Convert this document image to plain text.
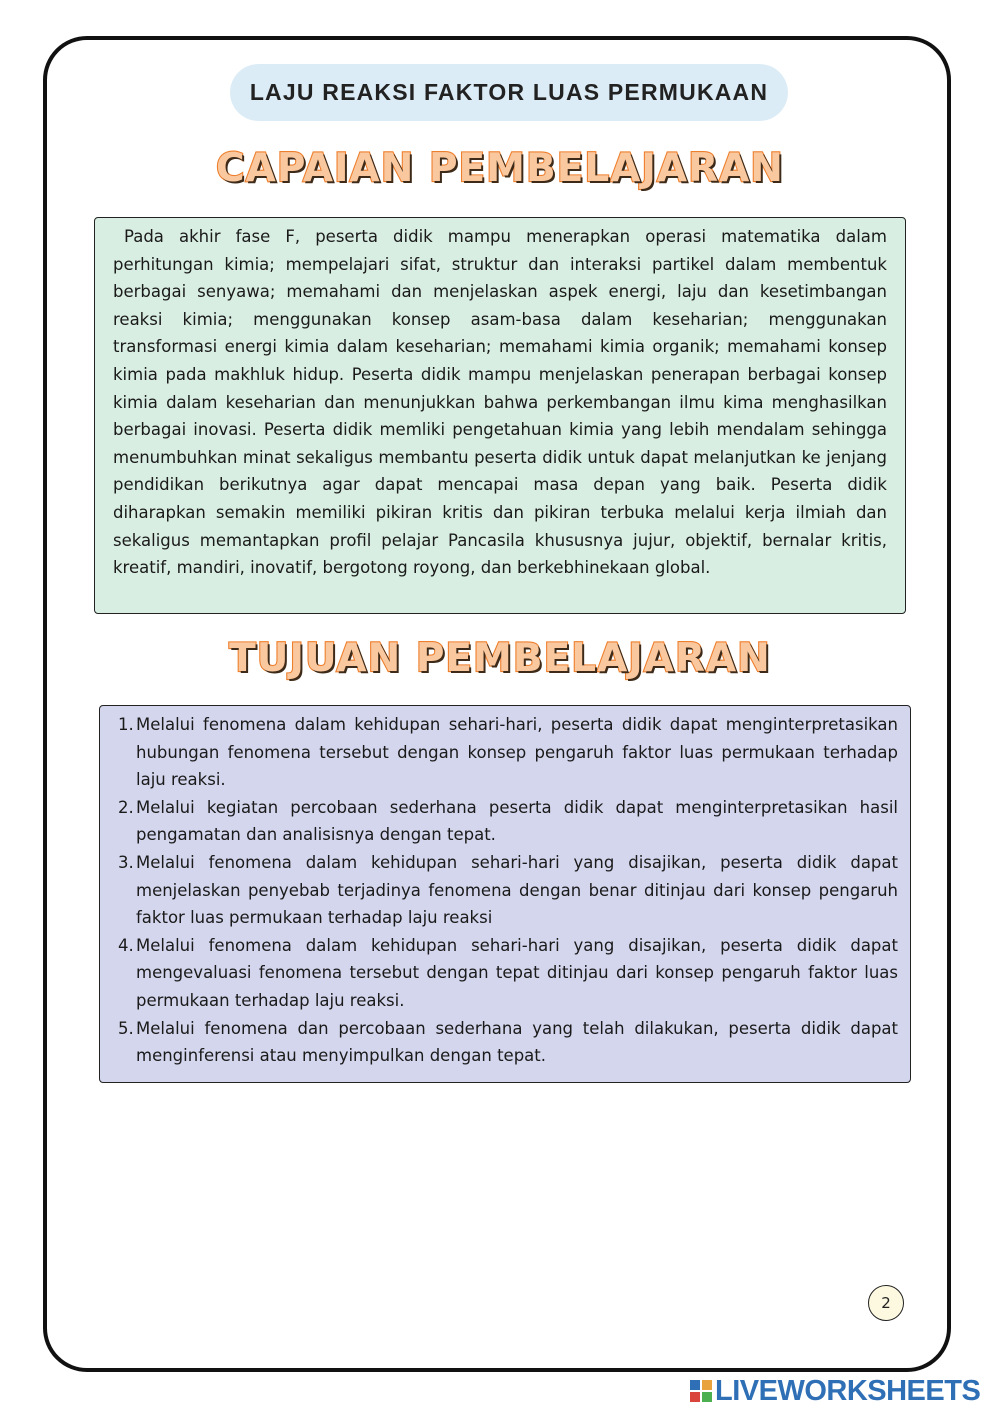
LAJU REAKSI FAKTOR LUAS PERMUKAAN
CAPAIAN PEMBELAJARAN

Pada akhir fase F, peserta didik mampu menerapkan operasi matematika dalam perhitungan kimia; mempelajari sifat, struktur dan interaksi partikel dalam membentuk berbagai senyawa; memahami dan menjelaskan aspek energi, laju dan kesetimbangan reaksi kimia; menggunakan konsep asam-basa dalam keseharian; menggunakan transformasi energi kimia dalam keseharian; memahami kimia organik; memahami konsep kimia pada makhluk hidup. Peserta didik mampu menjelaskan penerapan berbagai konsep kimia dalam keseharian dan menunjukkan bahwa perkembangan ilmu kima menghasilkan berbagai inovasi. Peserta didik memliki pengetahuan kimia yang lebih mendalam sehingga menumbuhkan minat sekaligus membantu peserta didik untuk dapat melanjutkan ke jenjang pendidikan berikutnya agar dapat mencapai masa depan yang baik. Peserta didik diharapkan semakin memiliki pikiran kritis dan pikiran terbuka melalui kerja ilmiah dan sekaligus memantapkan profil pelajar Pancasila khususnya jujur, objektif, bernalar kritis, kreatif, mandiri, inovatif, bergotong royong, dan berkebhinekaan global.

TUJUAN PEMBELAJARAN
1. Melalui fenomena dalam kehidupan sehari-hari, peserta didik dapat menginterpretasikan hubungan fenomena tersebut dengan konsep pengaruh faktor luas permukaan terhadap laju reaksi.
2. Melalui kegiatan percobaan sederhana peserta didik dapat menginterpretasikan hasil pengamatan dan analisisnya dengan tepat.
3. Melalui fenomena dalam kehidupan sehari-hari yang disajikan, peserta didik dapat menjelaskan penyebab terjadinya fenomena dengan benar ditinjau dari konsep pengaruh faktor luas permukaan terhadap laju reaksi
4. Melalui fenomena dalam kehidupan sehari-hari yang disajikan, peserta didik dapat mengevaluasi fenomena tersebut dengan tepat ditinjau dari konsep pengaruh faktor luas permukaan terhadap laju reaksi.
5. Melalui fenomena dan percobaan sederhana yang telah dilakukan, peserta didik dapat menginferensi atau menyimpulkan dengan tepat.
2
LIVEWORKSHEETS
